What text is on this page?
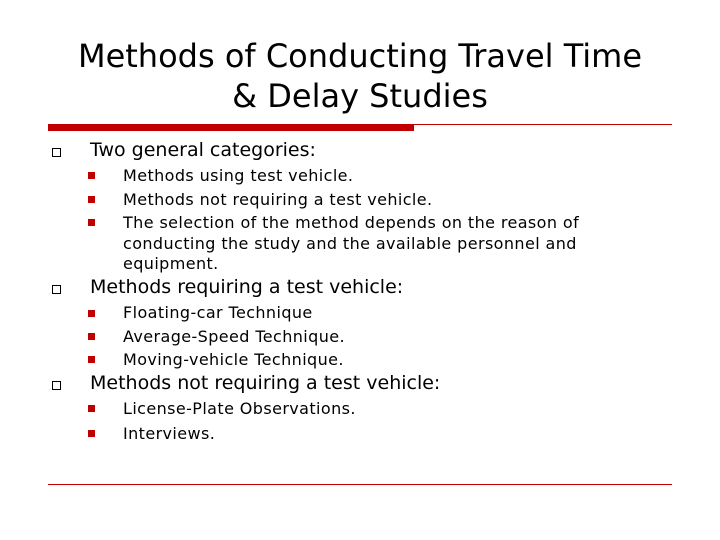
Methods of Conducting Travel Time
& Delay Studies
Two general categories:
Methods using test vehicle.
Methods not requiring a test vehicle.
The selection of the method depends on the reason of
conducting the study and the available personnel and
equipment.
Methods requiring a test vehicle:
Floating-car Technique
Average-Speed Technique.
Moving-vehicle Technique.
Methods not requiring a test vehicle:
License-Plate Observations.
Interviews.
